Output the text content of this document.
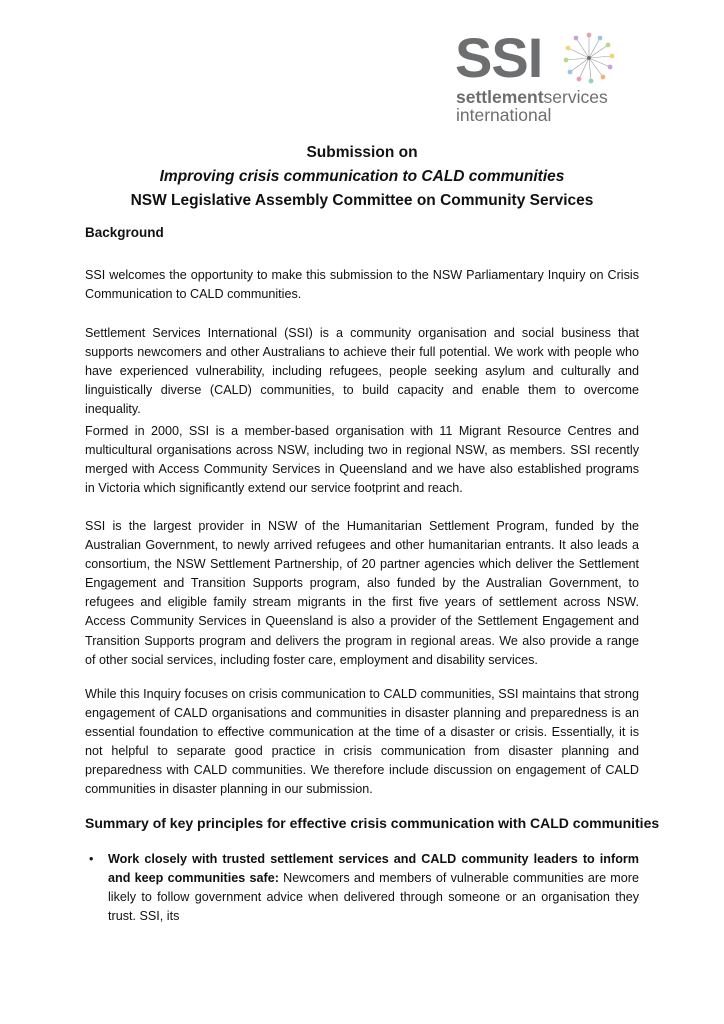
SSI
settlementservices
international
Submission on
Improving crisis communication to CALD communities
NSW Legislative Assembly Committee on Community Services
Background

SSI welcomes the opportunity to make this submission to the NSW Parliamentary Inquiry on Crisis Communication to CALD communities.

Settlement Services International (SSI) is a community organisation and social business that supports newcomers and other Australians to achieve their full potential. We work with people who have experienced vulnerability, including refugees, people seeking asylum and culturally and linguistically diverse (CALD) communities, to build capacity and enable them to overcome inequality.

Formed in 2000, SSI is a member-based organisation with 11 Migrant Resource Centres and multicultural organisations across NSW, including two in regional NSW, as members. SSI recently merged with Access Community Services in Queensland and we have also established programs in Victoria which significantly extend our service footprint and reach.

SSI is the largest provider in NSW of the Humanitarian Settlement Program, funded by the Australian Government, to newly arrived refugees and other humanitarian entrants. It also leads a consortium, the NSW Settlement Partnership, of 20 partner agencies which deliver the Settlement Engagement and Transition Supports program, also funded by the Australian Government, to refugees and eligible family stream migrants in the first five years of settlement across NSW. Access Community Services in Queensland is also a provider of the Settlement Engagement and Transition Supports program and delivers the program in regional areas. We also provide a range of other social services, including foster care, employment and disability services.

While this Inquiry focuses on crisis communication to CALD communities, SSI maintains that strong engagement of CALD organisations and communities in disaster planning and preparedness is an essential foundation to effective communication at the time of a disaster or crisis. Essentially, it is not helpful to separate good practice in crisis communication from disaster planning and preparedness with CALD communities. We therefore include discussion on engagement of CALD communities in disaster planning in our submission.

Summary of key principles for effective crisis communication with CALD communities
• Work closely with trusted settlement services and CALD community leaders to inform and keep communities safe: Newcomers and members of vulnerable communities are more likely to follow government advice when delivered through someone or an organisation they trust. SSI, its
